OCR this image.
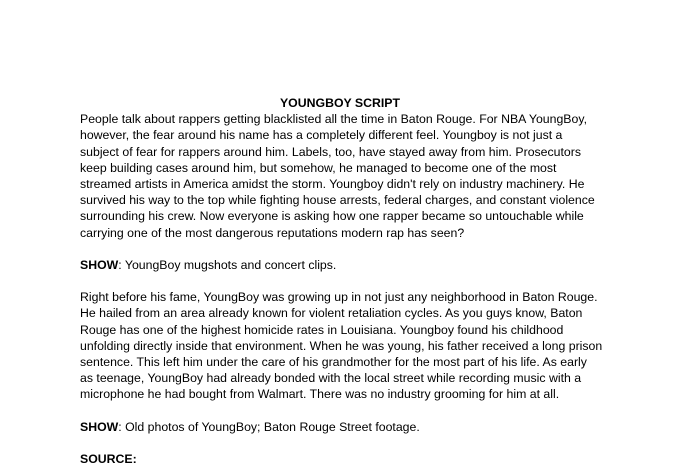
YOUNGBOY SCRIPT
People talk about rappers getting blacklisted all the time in Baton Rouge. For NBA YoungBoy,
however, the fear around his name has a completely different feel. Youngboy is not just a
subject of fear for rappers around him. Labels, too, have stayed away from him. Prosecutors
keep building cases around him, but somehow, he managed to become one of the most
streamed artists in America amidst the storm. Youngboy didn't rely on industry machinery. He
survived his way to the top while fighting house arrests, federal charges, and constant violence
surrounding his crew. Now everyone is asking how one rapper became so untouchable while
carrying one of the most dangerous reputations modern rap has seen?
SHOW: YoungBoy mugshots and concert clips.
Right before his fame, YoungBoy was growing up in not just any neighborhood in Baton Rouge.
He hailed from an area already known for violent retaliation cycles. As you guys know, Baton
Rouge has one of the highest homicide rates in Louisiana. Youngboy found his childhood
unfolding directly inside that environment. When he was young, his father received a long prison
sentence. This left him under the care of his grandmother for the most part of his life. As early
as teenage, YoungBoy had already bonded with the local street while recording music with a
microphone he had bought from Walmart. There was no industry grooming for him at all.
SHOW: Old photos of YoungBoy; Baton Rouge Street footage.
SOURCE:
